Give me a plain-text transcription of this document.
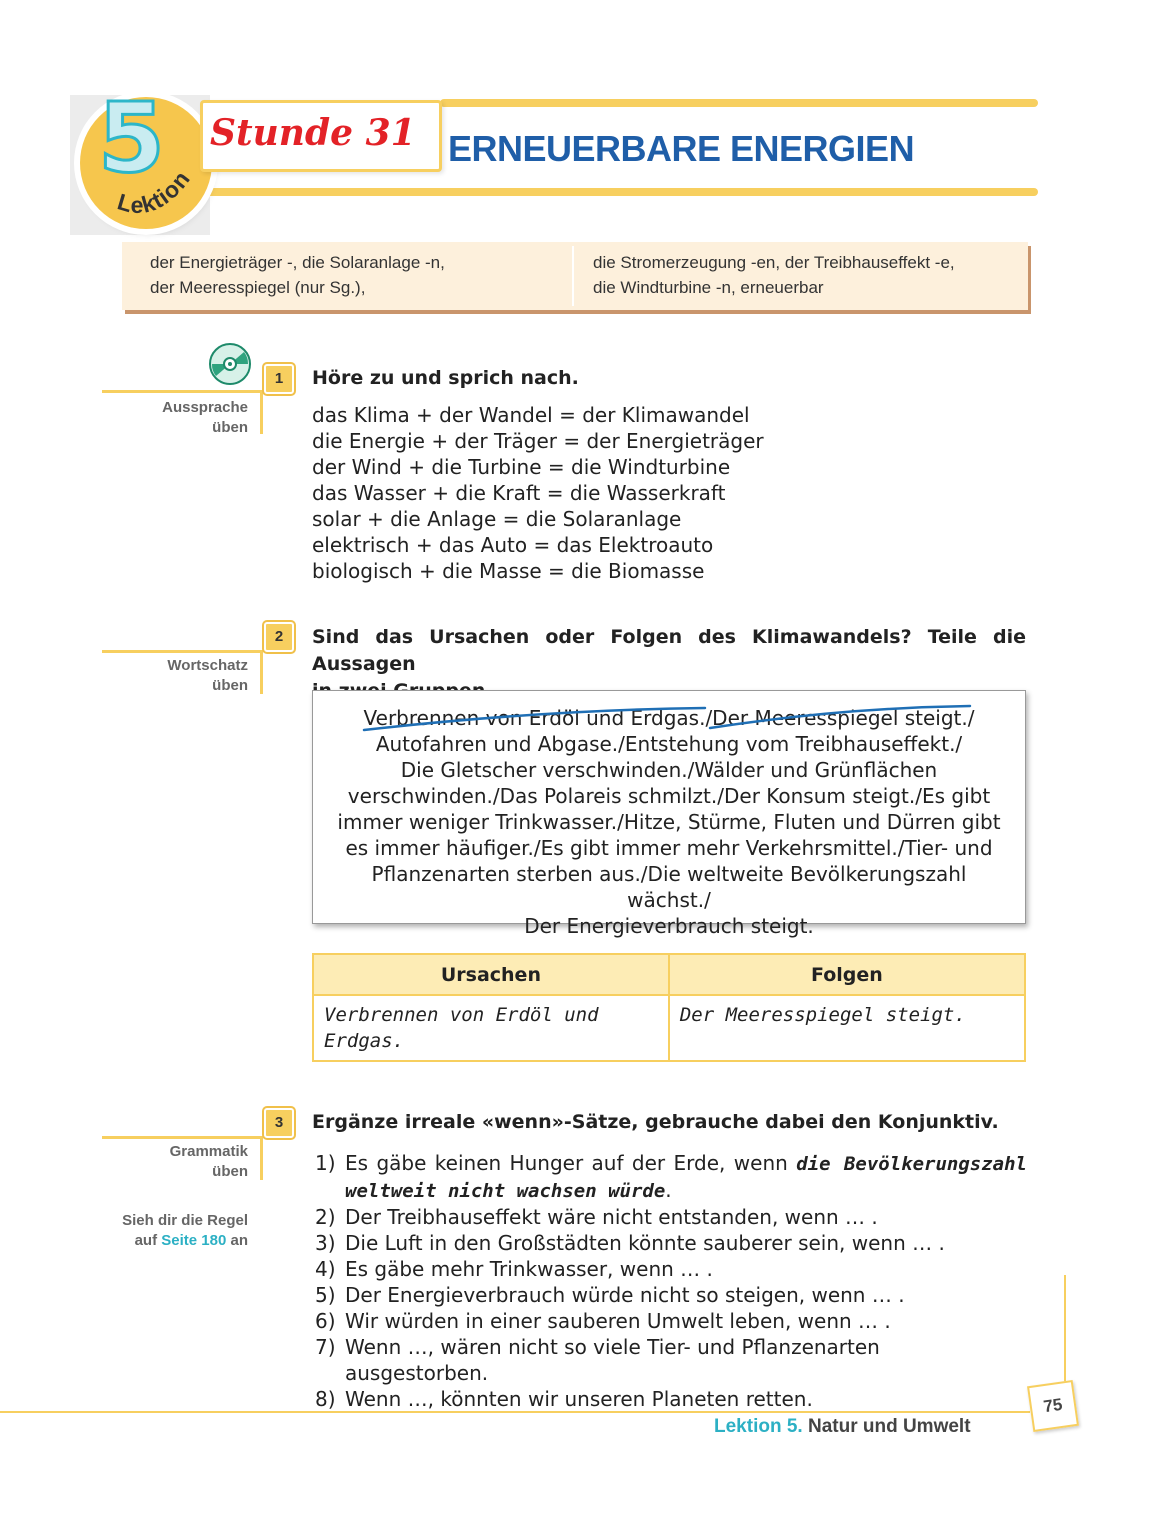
5
Lektion
Stunde 31 ERNEUERBARE ENERGIEN
der Energieträger -, die Solaranlage -n,
der Meeresspiegel (nur Sg.),
die Stromerzeugung -en, der Treibhauseffekt -e,
die Windturbine -n, erneuerbar
1
Aussprache
üben
Höre zu und sprich nach.
das Klima + der Wandel = der Klimawandel
die Energie + der Träger = der Energieträger
der Wind + die Turbine = die Windturbine
das Wasser + die Kraft = die Wasserkraft
solar + die Anlage = die Solaranlage
elektrisch + das Auto = das Elektroauto
biologisch + die Masse = die Biomasse
2
Wortschatz
üben
Sind das Ursachen oder Folgen des Klimawandels? Teile die Aussagen
Verbrennen von Erdöl und Erdgas./Der Meeresspiegel steigt./
Autofahren und Abgase./Entstehung vom Treibhauseffekt./
Die Gletscher verschwinden./Wälder und Grünflächen
verschwinden./Das Polareis schmilzt./Der Konsum steigt./Es gibt
immer weniger Trinkwasser./Hitze, Stürme, Fluten und Dürren gibt
es immer häufiger./Es gibt immer mehr Verkehrsmittel./Tier- und
Pflanzenarten sterben aus./Die weltweite Bevölkerungszahl wächst./
Der Energieverbrauch steigt.
Ursachen	Folgen
Verbrennen von Erdöl und Erdgas.	Der Meeresspiegel steigt.
3
Grammatik
üben
Sieh dir die Regel
auf Seite 180 an
Ergänze irreale «wenn»-Sätze, gebrauche dabei den Konjunktiv.
1) Es gäbe keinen Hunger auf der Erde, wenn die Bevölkerungszahl weltweit nicht wachsen würde.
2) Der Treibhauseffekt wäre nicht entstanden, wenn … .
3) Die Luft in den Großstädten könnte sauberer sein, wenn … .
4) Es gäbe mehr Trinkwasser, wenn … .
5) Der Energieverbrauch würde nicht so steigen, wenn … .
6) Wir würden in einer sauberen Umwelt leben, wenn … .
7) Wenn …, wären nicht so viele Tier- und Pflanzenarten ausgestorben.
8) Wenn …, könnten wir unseren Planeten retten.	75
Lektion 5. Natur und Umwelt
